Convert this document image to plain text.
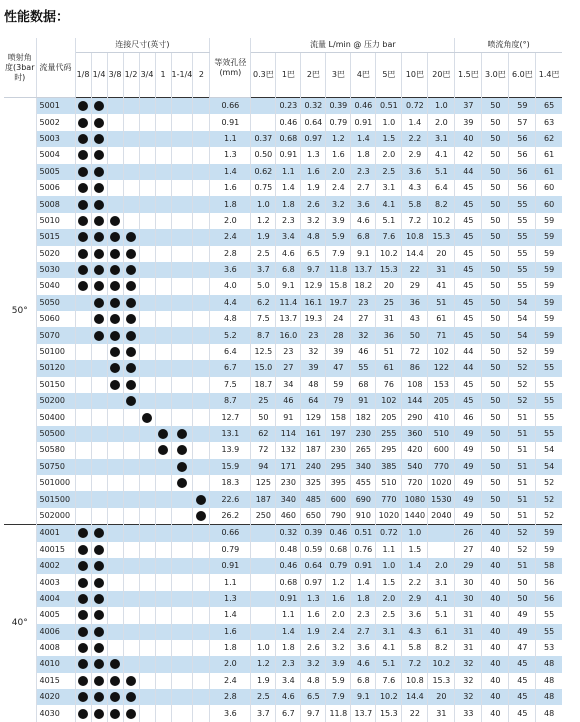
性能数据：
喷射角度(3bar时)	流量代码	连接尺寸(英寸)								等效孔径(mm)	流量 L/min @ 压力 bar								喷流角度(°)			
		1/8	1/4	3/8	1/2	3/4	1	1-1/4	2		0.3巴	1巴	2巴	3巴	4巴	5巴	10巴	20巴	1.5巴	3.0巴	6.0巴	1.4巴
50°	5001									0.66		0.23	0.32	0.39	0.46	0.51	0.72	1.0	37	50	59	65
	5002									0.91		0.46	0.64	0.79	0.91	1.0	1.4	2.0	39	50	57	63
	5003									1.1	0.37	0.68	0.97	1.2	1.4	1.5	2.2	3.1	40	50	56	62
	5004									1.3	0.50	0.91	1.3	1.6	1.8	2.0	2.9	4.1	42	50	56	61
	5005									1.4	0.62	1.1	1.6	2.0	2.3	2.5	3.6	5.1	44	50	56	61
	5006									1.6	0.75	1.4	1.9	2.4	2.7	3.1	4.3	6.4	45	50	56	60
	5008									1.8	1.0	1.8	2.6	3.2	3.6	4.1	5.8	8.2	45	50	55	60
	5010									2.0	1.2	2.3	3.2	3.9	4.6	5.1	7.2	10.2	45	50	55	59
	5015									2.4	1.9	3.4	4.8	5.9	6.8	7.6	10.8	15.3	45	50	55	59
	5020									2.8	2.5	4.6	6.5	7.9	9.1	10.2	14.4	20	45	50	55	59
	5030									3.6	3.7	6.8	9.7	11.8	13.7	15.3	22	31	45	50	55	59
	5040									4.0	5.0	9.1	12.9	15.8	18.2	20	29	41	45	50	55	59
	5050									4.4	6.2	11.4	16.1	19.7	23	25	36	51	45	50	54	59
	5060									4.8	7.5	13.7	19.3	24	27	31	43	61	45	50	54	59
	5070									5.2	8.7	16.0	23	28	32	36	50	71	45	50	54	59
	50100									6.4	12.5	23	32	39	46	51	72	102	44	50	52	59
	50120									6.7	15.0	27	39	47	55	61	86	122	44	50	52	55
	50150									7.5	18.7	34	48	59	68	76	108	153	45	50	52	55
	50200									8.7	25	46	64	79	91	102	144	205	45	50	52	55
	50400									12.7	50	91	129	158	182	205	290	410	46	50	51	55
	50500									13.1	62	114	161	197	230	255	360	510	49	50	51	55
	50580									13.9	72	132	187	230	265	295	420	600	49	50	51	54
	50750									15.9	94	171	240	295	340	385	540	770	49	50	51	54
	501000									18.3	125	230	325	395	455	510	720	1020	49	50	51	52
	501500									22.6	187	340	485	600	690	770	1080	1530	49	50	51	52
	502000									26.2	250	460	650	790	910	1020	1440	2040	49	50	51	52
40°	4001									0.66		0.32	0.39	0.46	0.51	0.72	1.0		26	40	52	59
	40015									0.79		0.48	0.59	0.68	0.76	1.1	1.5		27	40	52	59
	4002									0.91		0.46	0.64	0.79	0.91	1.0	1.4	2.0	29	40	51	58
	4003									1.1		0.68	0.97	1.2	1.4	1.5	2.2	3.1	30	40	50	56
	4004									1.3		0.91	1.3	1.6	1.8	2.0	2.9	4.1	30	40	50	56
	4005									1.4		1.1	1.6	2.0	2.3	2.5	3.6	5.1	31	40	49	55
	4006									1.6		1.4	1.9	2.4	2.7	3.1	4.3	6.1	31	40	49	55
	4008									1.8	1.0	1.8	2.6	3.2	3.6	4.1	5.8	8.2	31	40	47	53
	4010									2.0	1.2	2.3	3.2	3.9	4.6	5.1	7.2	10.2	32	40	45	48
	4015									2.4	1.9	3.4	4.8	5.9	6.8	7.6	10.8	15.3	32	40	45	48
	4020									2.8	2.5	4.6	6.5	7.9	9.1	10.2	14.4	20	32	40	45	48
	4030									3.6	3.7	6.7	9.7	11.8	13.7	15.3	22	31	33	40	45	48
